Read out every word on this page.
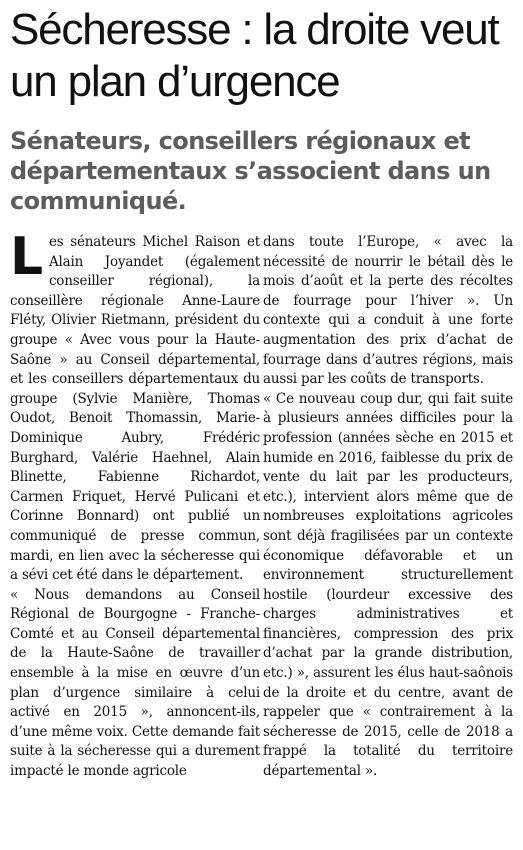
Sécheresse : la droite veut un plan d’urgence
Sénateurs, conseillers régionaux et départementaux s’associent dans un communiqué.

Les sénateurs Michel Raison et Alain Joyandet (également conseiller régional), la conseillère régionale Anne-Laure Fléty, Olivier Rietmann, président du groupe « Avec vous pour la Haute-Saône » au Conseil départemental, et les conseillers départementaux du groupe (Sylvie Manière, Thomas Oudot, Benoit Thomassin, Marie-Dominique Aubry, Frédéric Burghard, Valérie Haehnel, Alain Blinette, Fabienne Richardot, Carmen Friquet, Hervé Pulicani et Corinne Bonnard) ont publié un communiqué de presse commun, mardi, en lien avec la sécheresse qui a sévi cet été dans le département.

« Nous demandons au Conseil Régional de Bourgogne - Franche-Comté et au Conseil départemental de la Haute-Saône de travailler ensemble à la mise en œuvre d’un plan d’urgence similaire à celui activé en 2015 », annoncent-ils, d’une même voix. Cette demande fait suite à la sécheresse qui a durement impacté le monde agricole

dans toute l’Europe, « avec la nécessité de nourrir le bétail dès le mois d’août et la perte des récoltes de fourrage pour l’hiver ». Un contexte qui a conduit à une forte augmentation des prix d’achat de fourrage dans d’autres régions, mais aussi par les coûts de transports.

« Ce nouveau coup dur, qui fait suite à plusieurs années difficiles pour la profession (années sèche en 2015 et humide en 2016, faiblesse du prix de vente du lait par les producteurs, etc.), intervient alors même que de nombreuses exploitations agricoles sont déjà fragilisées par un contexte économique défavorable et un environnement structurellement hostile (lourdeur excessive des charges administratives et financières, compression des prix d’achat par la grande distribution, etc.) », assurent les élus haut-saônois de la droite et du centre, avant de rappeler que « contrairement à la sécheresse de 2015, celle de 2018 a frappé la totalité du territoire départemental ».
